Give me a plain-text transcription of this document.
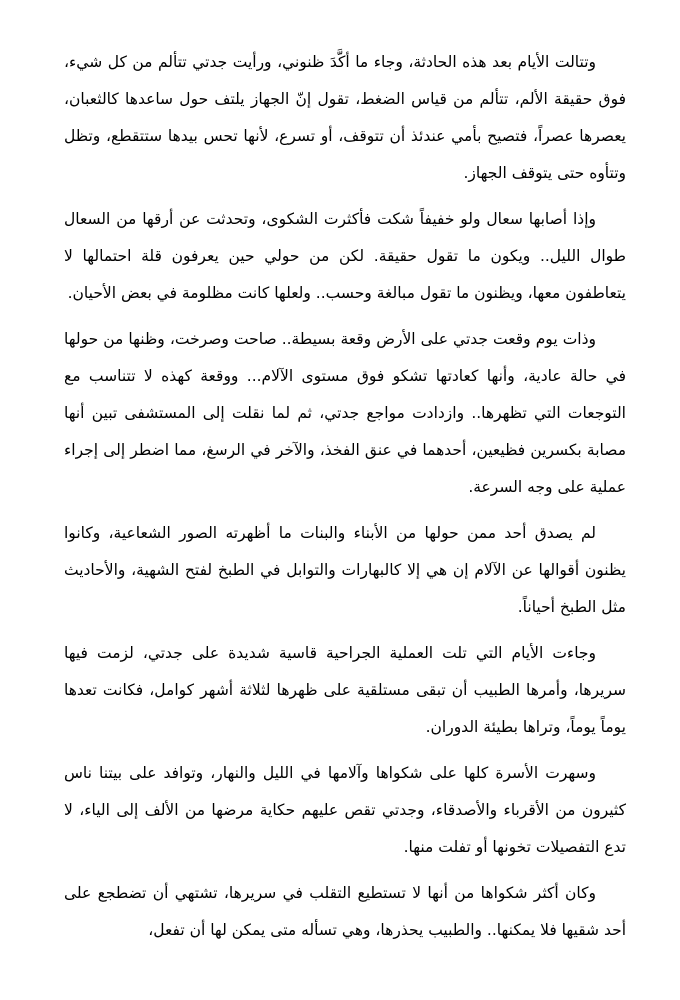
وتتالت الأيام بعد هذه الحادثة، وجاء ما أكَّدَ ظنوني، ورأيت جدتي تتألم من كل شيء، فوق حقيقة الألم، تتألم من قياس الضغط، تقول إنّ الجهاز يلتف حول ساعدها كالثعبان، يعصرها عصراً، فتصيح بأمي عندئذ أن تتوقف، أو تسرع، لأنها تحس بيدها ستتقطع، وتظل وتتأوه حتى يتوقف الجهاز.

وإذا أصابها سعال ولو خفيفاً شكت فأكثرت الشكوى، وتحدثت عن أرقها من السعال طوال الليل.. ويكون ما تقول حقيقة. لكن من حولي حين يعرفون قلة احتمالها لا يتعاطفون معها، ويظنون ما تقول مبالغة وحسب.. ولعلها كانت مظلومة في بعض الأحيان.

وذات يوم وقعت جدتي على الأرض وقعة بسيطة.. صاحت وصرخت، وظنها من حولها في حالة عادية، وأنها كعادتها تشكو فوق مستوى الآلام... ووقعة كهذه لا تتناسب مع التوجعات التي تظهرها.. وازدادت مواجع جدتي، ثم لما نقلت إلى المستشفى تبين أنها مصابة بكسرين فظيعين، أحدهما في عنق الفخذ، والآخر في الرسغ، مما اضطر إلى إجراء عملية على وجه السرعة.

لم يصدق أحد ممن حولها من الأبناء والبنات ما أظهرته الصور الشعاعية، وكانوا يظنون أقوالها عن الآلام إن هي إلا كالبهارات والتوابل في الطبخ لفتح الشهية، والأحاديث مثل الطبخ أحياناً.

وجاءت الأيام التي تلت العملية الجراحية قاسية شديدة على جدتي، لزمت فيها سريرها، وأمرها الطبيب أن تبقى مستلقية على ظهرها لثلاثة أشهر كوامل، فكانت تعدها يوماً يوماً، وتراها بطيئة الدوران.

وسهرت الأسرة كلها على شكواها وآلامها في الليل والنهار، وتوافد على بيتنا ناس كثيرون من الأقرباء والأصدقاء، وجدتي تقص عليهم حكاية مرضها من الألف إلى الياء، لا تدع التفصيلات تخونها أو تفلت منها.

وكان أكثر شكواها من أنها لا تستطيع التقلب في سريرها، تشتهي أن تضطجع على أحد شقيها فلا يمكنها.. والطبيب يحذرها، وهي تسأله متى يمكن لها أن تفعل،
